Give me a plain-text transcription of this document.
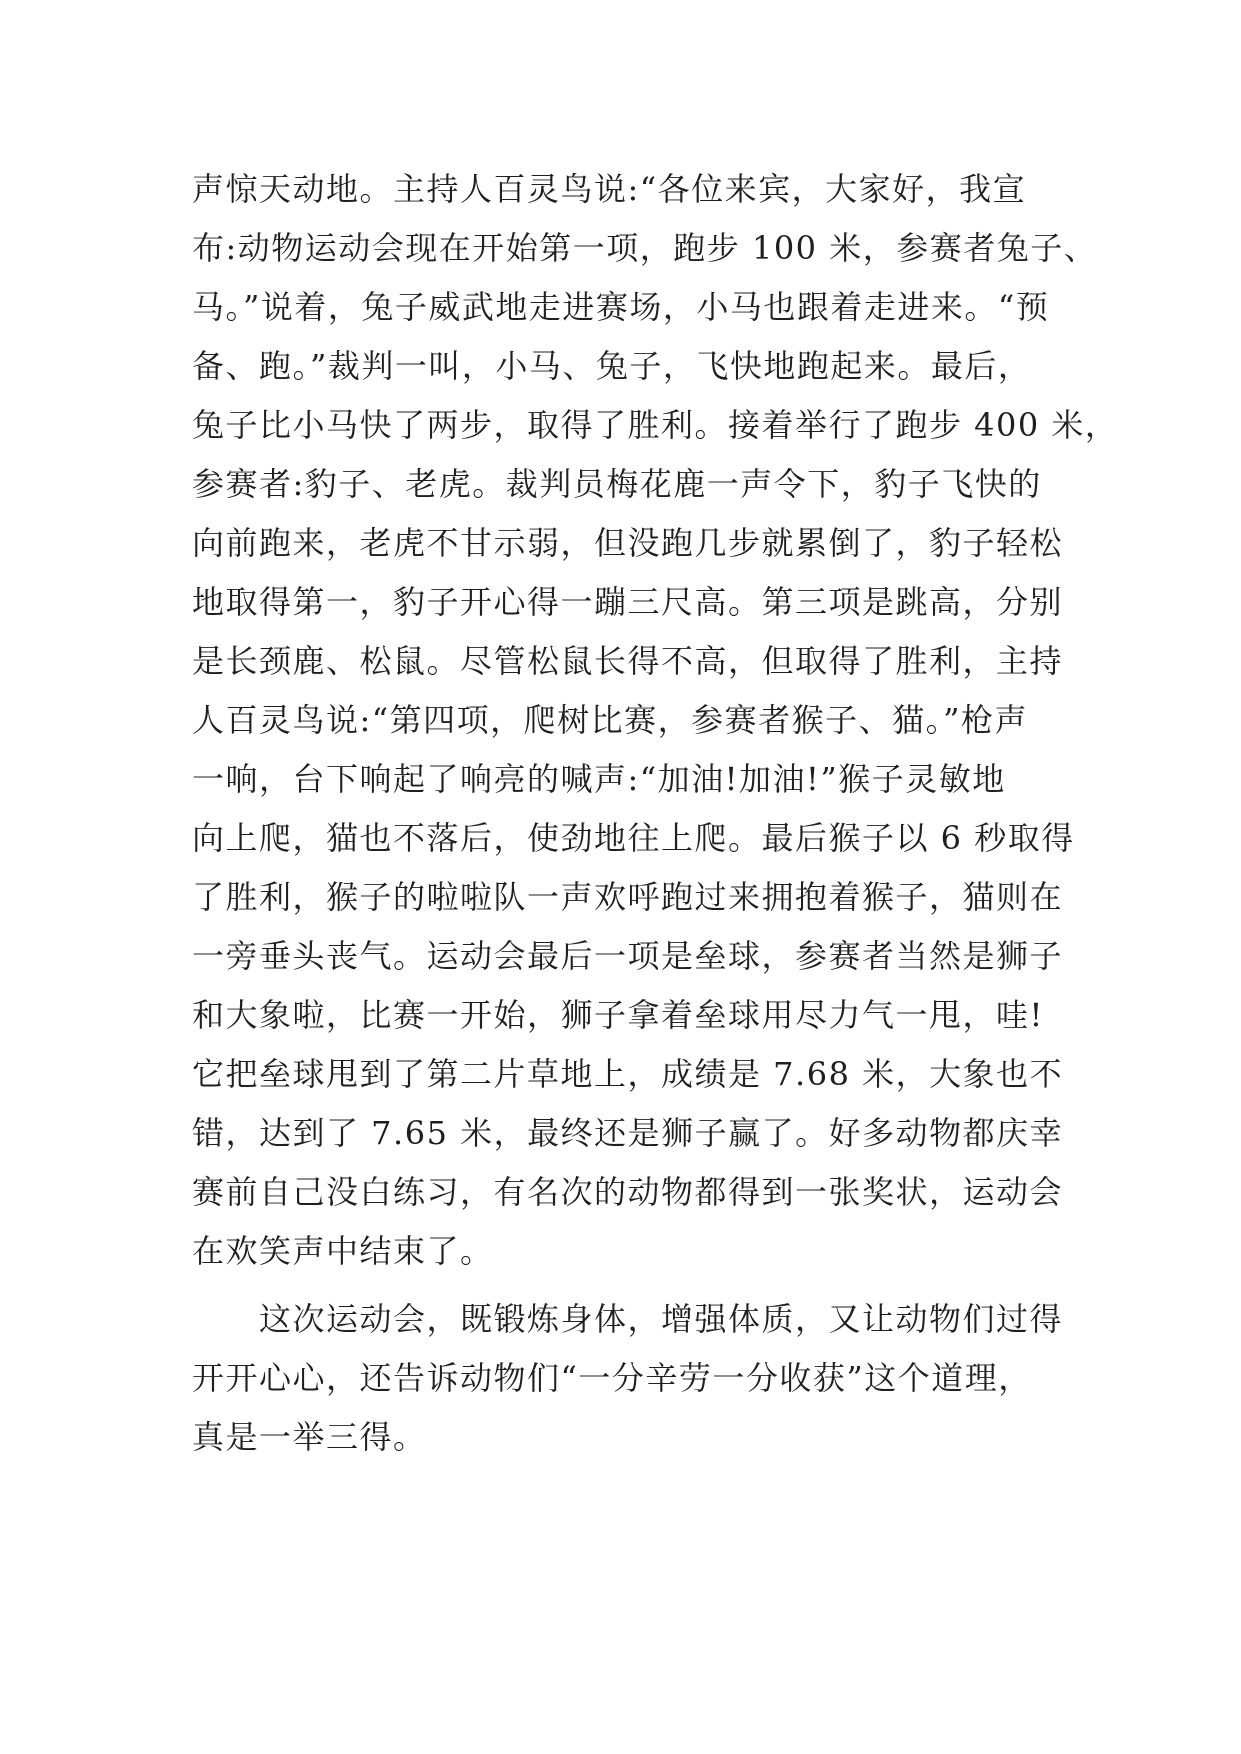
声惊天动地。主持人百灵鸟说:“各位来宾，大家好，我宣
布:动物运动会现在开始第一项，跑步 100 米，参赛者兔子、
马。”说着，兔子威武地走进赛场，小马也跟着走进来。“预
备、跑。”裁判一叫，小马、兔子，飞快地跑起来。最后，
兔子比小马快了两步，取得了胜利。接着举行了跑步 400 米，
参赛者:豹子、老虎。裁判员梅花鹿一声令下，豹子飞快的
向前跑来，老虎不甘示弱，但没跑几步就累倒了，豹子轻松
地取得第一，豹子开心得一蹦三尺高。第三项是跳高，分别
是长颈鹿、松鼠。尽管松鼠长得不高，但取得了胜利，主持
人百灵鸟说:“第四项，爬树比赛，参赛者猴子、猫。”枪声
一响，台下响起了响亮的喊声:“加油!加油!”猴子灵敏地
向上爬，猫也不落后，使劲地往上爬。最后猴子以 6 秒取得
了胜利，猴子的啦啦队一声欢呼跑过来拥抱着猴子，猫则在
一旁垂头丧气。运动会最后一项是垒球，参赛者当然是狮子
和大象啦，比赛一开始，狮子拿着垒球用尽力气一甩，哇!
它把垒球甩到了第二片草地上，成绩是 7.68 米，大象也不
错，达到了 7.65 米，最终还是狮子赢了。好多动物都庆幸
赛前自己没白练习，有名次的动物都得到一张奖状，运动会
在欢笑声中结束了。
　　这次运动会，既锻炼身体，增强体质，又让动物们过得
开开心心，还告诉动物们“一分辛劳一分收获”这个道理，
真是一举三得。
